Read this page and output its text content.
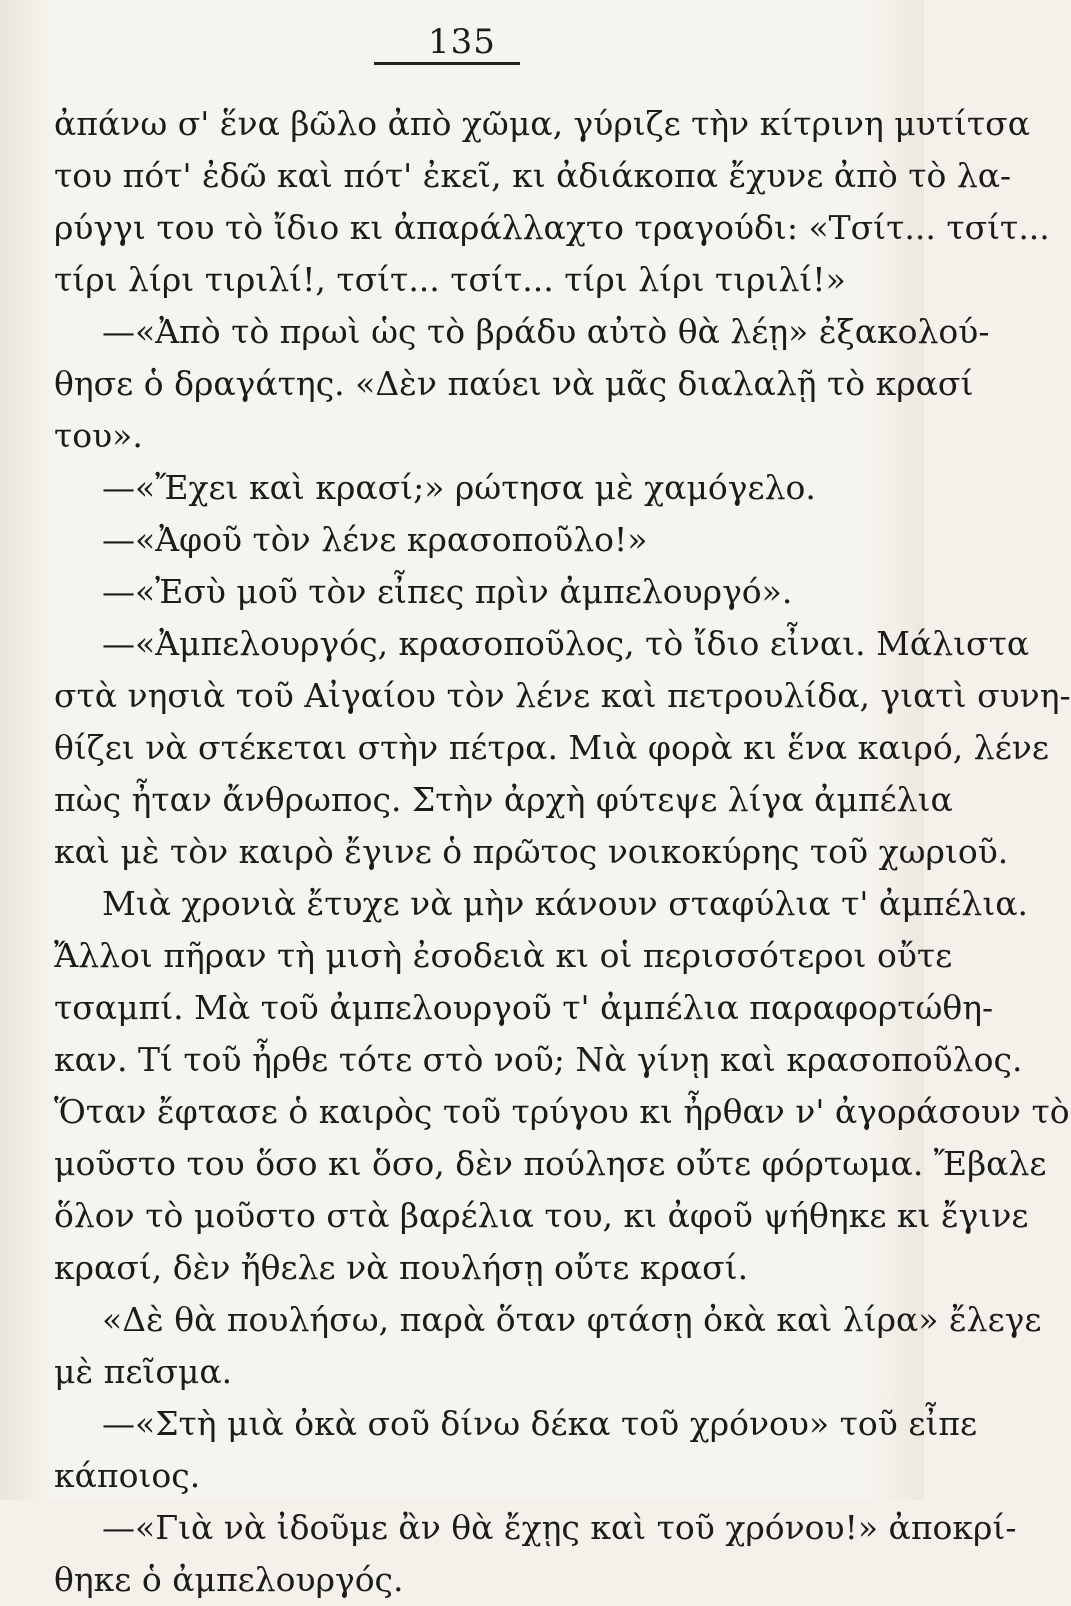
135
ἀπάνω σ' ἕνα βῶλο ἀπὸ χῶμα, γύριζε τὴν κίτρινη μυτίτσα
του πότ' ἐδῶ καὶ πότ' ἐκεῖ, κι ἀδιάκοπα ἔχυνε ἀπὸ τὸ λα-
ρύγγι του τὸ ἴδιο κι ἀπαράλλαχτο τραγούδι: «Τσίτ... τσίτ...
τίρι λίρι τιριλί!, τσίτ... τσίτ... τίρι λίρι τιριλί!»
—«Ἀπὸ τὸ πρωὶ ὡς τὸ βράδυ αὐτὸ θὰ λέῃ» ἐξακολού-
θησε ὁ δραγάτης. «Δὲν παύει νὰ μᾶς διαλαλῇ τὸ κρασί
του».
—«Ἔχει καὶ κρασί;» ρώτησα μὲ χαμόγελο.
—«Ἀφοῦ τὸν λένε κρασοποῦλο!»
—«Ἐσὺ μοῦ τὸν εἶπες πρὶν ἀμπελουργό».
—«Ἀμπελουργός, κρασοποῦλος, τὸ ἴδιο εἶναι. Μάλιστα
στὰ νησιὰ τοῦ Αἰγαίου τὸν λένε καὶ πετρουλίδα, γιατὶ συνη-
θίζει νὰ στέκεται στὴν πέτρα. Μιὰ φορὰ κι ἕνα καιρό, λένε
πὼς ἦταν ἄνθρωπος. Στὴν ἀρχὴ φύτεψε λίγα ἀμπέλια
καὶ μὲ τὸν καιρὸ ἔγινε ὁ πρῶτος νοικοκύρης τοῦ χωριοῦ.
Μιὰ χρονιὰ ἔτυχε νὰ μὴν κάνουν σταφύλια τ' ἀμπέλια.
Ἄλλοι πῆραν τὴ μισὴ ἐσοδειὰ κι οἱ περισσότεροι οὔτε
τσαμπί. Μὰ τοῦ ἀμπελουργοῦ τ' ἀμπέλια παραφορτώθη-
καν. Τί τοῦ ἦρθε τότε στὸ νοῦ; Νὰ γίνῃ καὶ κρασοποῦλος.
Ὅταν ἔφτασε ὁ καιρὸς τοῦ τρύγου κι ἦρθαν ν' ἀγοράσουν τὸ
μοῦστο του ὅσο κι ὅσο, δὲν πούλησε οὔτε φόρτωμα. Ἔβαλε
ὅλον τὸ μοῦστο στὰ βαρέλια του, κι ἀφοῦ ψήθηκε κι ἔγινε
κρασί, δὲν ἤθελε νὰ πουλήσῃ οὔτε κρασί.
«Δὲ θὰ πουλήσω, παρὰ ὅταν φτάσῃ ὀκὰ καὶ λίρα» ἔλεγε
μὲ πεῖσμα.
—«Στὴ μιὰ ὀκὰ σοῦ δίνω δέκα τοῦ χρόνου» τοῦ εἶπε
κάποιος.
—«Γιὰ νὰ ἰδοῦμε ἂν θὰ ἔχῃς καὶ τοῦ χρόνου!» ἀποκρί-
θηκε ὁ ἀμπελουργός.
